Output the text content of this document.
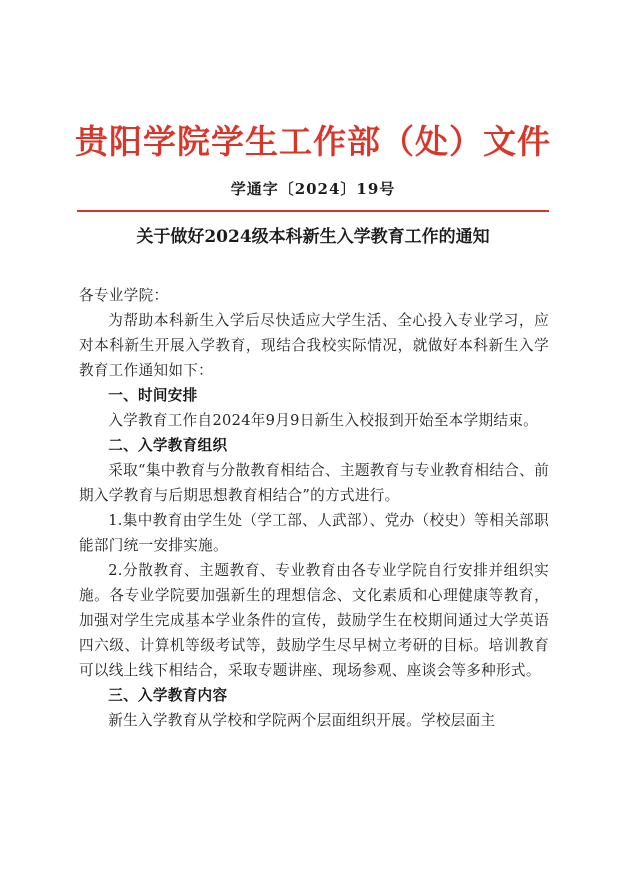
贵阳学院学生工作部（处）文件
学通字〔2024〕19号
关于做好2024级本科新生入学教育工作的通知

各专业学院：

为帮助本科新生入学后尽快适应大学生活、全心投入专业学习，应对本科新生开展入学教育，现结合我校实际情况，就做好本科新生入学教育工作通知如下：

一、时间安排

入学教育工作自2024年9月9日新生入校报到开始至本学期结束。

二、入学教育组织

采取“集中教育与分散教育相结合、主题教育与专业教育相结合、前期入学教育与后期思想教育相结合”的方式进行。

1.集中教育由学生处（学工部、人武部）、党办（校史）等相关部职能部门统一安排实施。

2.分散教育、主题教育、专业教育由各专业学院自行安排并组织实施。各专业学院要加强新生的理想信念、文化素质和心理健康等教育，加强对学生完成基本学业条件的宣传，鼓励学生在校期间通过大学英语四六级、计算机等级考试等，鼓励学生尽早树立考研的目标。培训教育可以线上线下相结合，采取专题讲座、现场参观、座谈会等多种形式。

三、入学教育内容

新生入学教育从学校和学院两个层面组织开展。学校层面主
